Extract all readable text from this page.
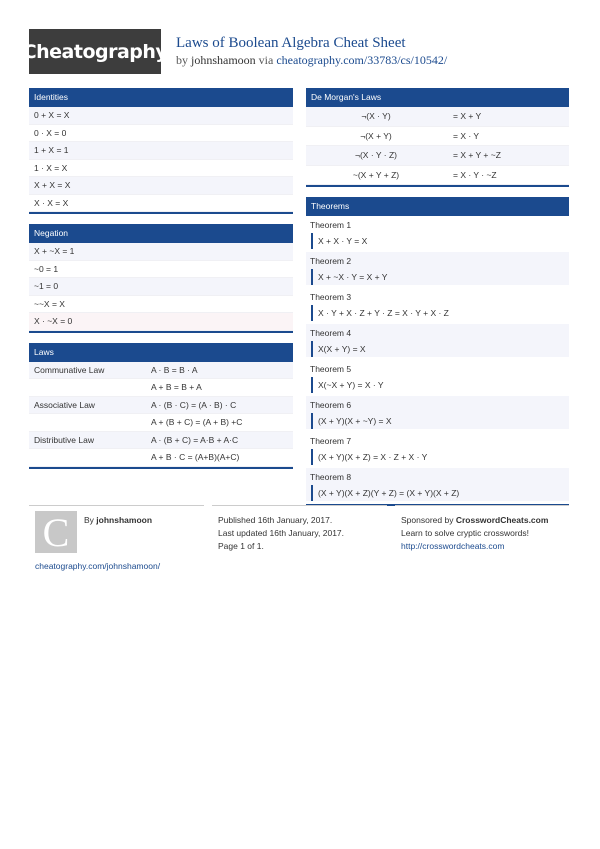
Cheatography Laws of Boolean Algebra Cheat Sheet
by johnshamoon via cheatography.com/33783/cs/10542/
Identities
0 + X = X
0 · X = 0
1 + X = 1
1 · X = X
X + X = X
X · X = X
Negation
X + ~X = 1
~0 = 1
~1 = 0
~~X = X
X · ~X = 0
Laws
Communative Law	A · B = B · A
A + B = B + A
Associative Law	A · (B · C) = (A · B) · C
A + (B + C) = (A + B) +C
Distributive Law	A · (B + C) = A·B + A·C
A + B · C = (A+B)(A+C)
De Morgan's Laws
¬(X · Y)	= X + Y
¬(X + Y)	= X · Y
¬(X · Y · Z)	= X + Y + ~Z
~(X + Y + Z)	= X · Y · ~Z
Theorems
Theorem 1
X + X · Y = X
Theorem 2
X + ~X · Y = X + Y
Theorem 3
X · Y + X · Z + Y · Z = X · Y + X · Z
Theorem 4
X(X + Y) = X
Theorem 5
X(~X + Y) = X · Y
Theorem 6
(X + Y)(X + ~Y) = X
Theorem 7
(X + Y)(X + Z) = X · Z + X · Y
Theorem 8
(X + Y)(X + Z)(Y + Z) = (X + Y)(X + Z)
C	By johnshamoon
cheatography.com/johnshamoon/
Published 16th January, 2017.
Last updated 16th January, 2017.
Page 1 of 1.
Sponsored by CrosswordCheats.com
Learn to solve cryptic crosswords!
http://crosswordcheats.com
